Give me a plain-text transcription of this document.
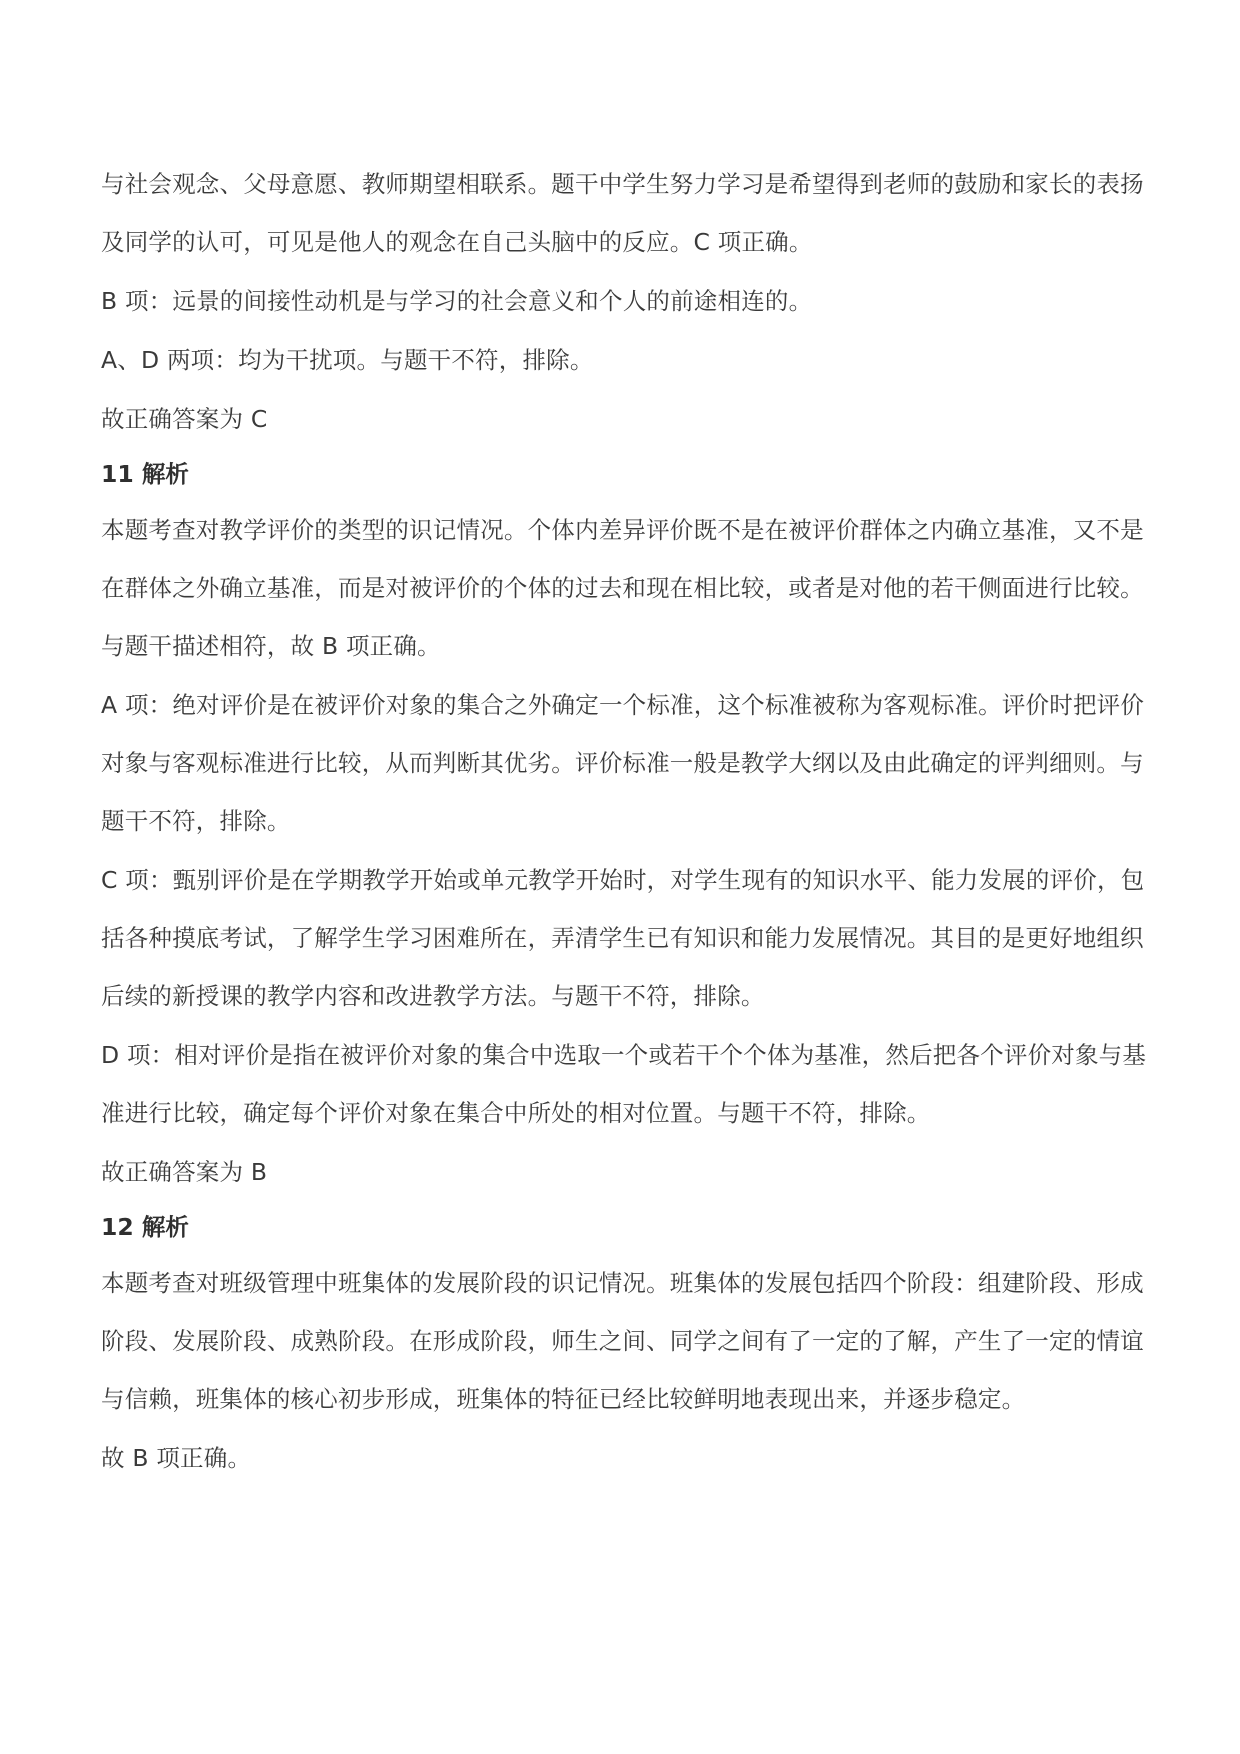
与社会观念、父母意愿、教师期望相联系。题干中学生努力学习是希望得到老师的鼓励和家长的表扬及同学的认可，可见是他人的观念在自己头脑中的反应。C 项正确。

B 项：远景的间接性动机是与学习的社会意义和个人的前途相连的。

A、D 两项：均为干扰项。与题干不符，排除。

故正确答案为 C

11 解析

本题考查对教学评价的类型的识记情况。个体内差异评价既不是在被评价群体之内确立基准，又不是在群体之外确立基准，而是对被评价的个体的过去和现在相比较，或者是对他的若干侧面进行比较。与题干描述相符，故 B 项正确。

A 项：绝对评价是在被评价对象的集合之外确定一个标准，这个标准被称为客观标准。评价时把评价对象与客观标准进行比较，从而判断其优劣。评价标准一般是教学大纲以及由此确定的评判细则。与题干不符，排除。

C 项：甄别评价是在学期教学开始或单元教学开始时，对学生现有的知识水平、能力发展的评价，包括各种摸底考试，了解学生学习困难所在，弄清学生已有知识和能力发展情况。其目的是更好地组织后续的新授课的教学内容和改进教学方法。与题干不符，排除。

D 项：相对评价是指在被评价对象的集合中选取一个或若干个个体为基准，然后把各个评价对象与基准进行比较，确定每个评价对象在集合中所处的相对位置。与题干不符，排除。

故正确答案为 B

12 解析

本题考查对班级管理中班集体的发展阶段的识记情况。班集体的发展包括四个阶段：组建阶段、形成阶段、发展阶段、成熟阶段。在形成阶段，师生之间、同学之间有了一定的了解，产生了一定的情谊与信赖，班集体的核心初步形成，班集体的特征已经比较鲜明地表现出来，并逐步稳定。

故 B 项正确。
